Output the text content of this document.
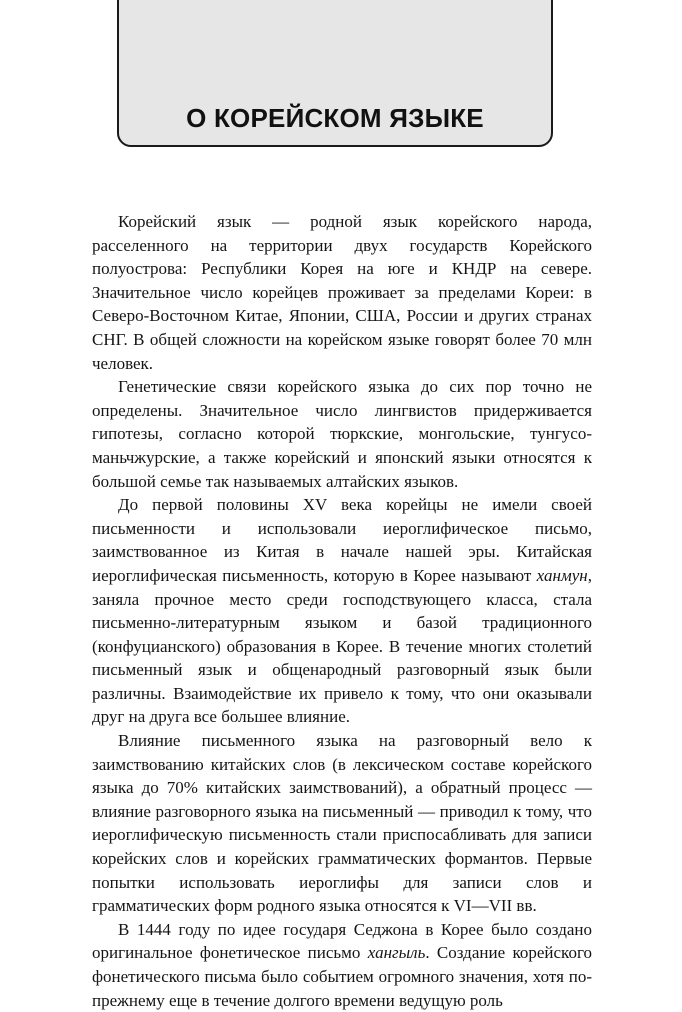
О КОРЕЙСКОМ ЯЗЫКЕ

Корейский язык — родной язык корейского народа, расселенного на территории двух государств Корейского полуострова: Республики Корея на юге и КНДР на севере. Значительное число корейцев проживает за пределами Кореи: в Северо-Восточном Китае, Японии, США, России и других странах СНГ. В общей сложности на корейском языке говорят более 70 млн человек.

Генетические связи корейского языка до сих пор точно не определены. Значительное число лингвистов придерживается гипотезы, согласно которой тюркские, монгольские, тунгусо-маньчжурские, а также корейский и японский языки относятся к большой семье так называемых алтайских языков.

До первой половины XV века корейцы не имели своей письменности и использовали иероглифическое письмо, заимствованное из Китая в начале нашей эры. Китайская иероглифическая письменность, которую в Корее называют ханмун, заняла прочное место среди господствующего класса, стала письменно-литературным языком и базой традиционного (конфуцианского) образования в Корее. В течение многих столетий письменный язык и общенародный разговорный язык были различны. Взаимодействие их привело к тому, что они оказывали друг на друга все большее влияние.

Влияние письменного языка на разговорный вело к заимствованию китайских слов (в лексическом составе корейского языка до 70% китайских заимствований), а обратный процесс — влияние разговорного языка на письменный — приводил к тому, что иероглифическую письменность стали приспосабливать для записи корейских слов и корейских грамматических формантов. Первые попытки использовать иероглифы для записи слов и грамматических форм родного языка относятся к VI—VII вв.

В 1444 году по идее государя Седжона в Корее было создано оригинальное фонетическое письмо хангыль. Создание корейского фонетического письма было событием огромного значения, хотя по-прежнему еще в течение долгого времени ведущую роль
